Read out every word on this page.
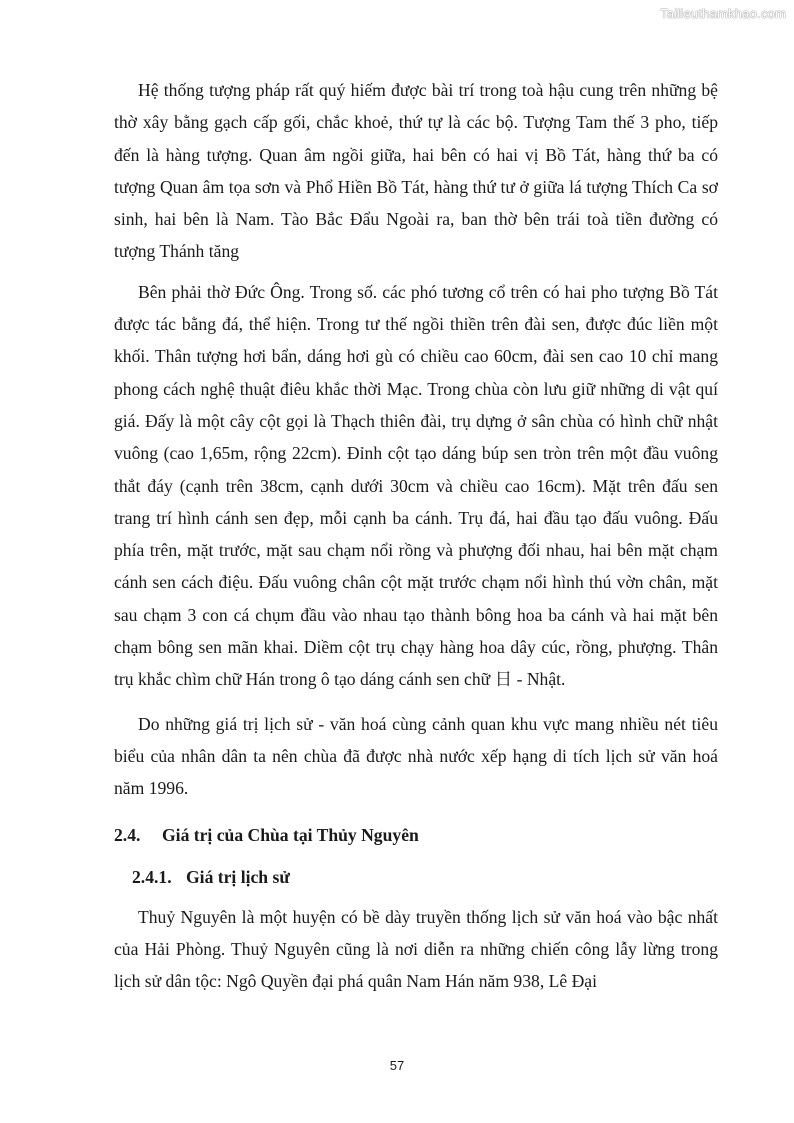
Tailieuthamkhao.com

Hệ thống tượng pháp rất quý hiếm được bài trí trong toà hậu cung trên những bệ thờ xây bằng gạch cấp gối, chắc khoẻ, thứ tự là các bộ. Tượng Tam thế 3 pho, tiếp đến là hàng tượng. Quan âm ngồi giữa, hai bên có hai vị Bồ Tát, hàng thứ ba có tượng Quan âm tọa sơn và Phổ Hiền Bồ Tát, hàng thứ tư ở giữa lá tượng Thích Ca sơ sinh, hai bên là Nam. Tào Bắc Đẩu Ngoài ra, ban thờ bên trái toà tiền đường có tượng Thánh tăng

Bên phải thờ Đức Ông. Trong số. các phó tương cổ trên có hai pho tượng Bồ Tát được tác bằng đá, thể hiện. Trong tư thế ngồi thiền trên đài sen, được đúc liền một khối. Thân tượng hơi bẩn, dáng hơi gù có chiều cao 60cm, đài sen cao 10 chỉ mang phong cách nghệ thuật điêu khắc thời Mạc. Trong chùa còn lưu giữ những di vật quí giá. Đấy là một cây cột gọi là Thạch thiên đài, trụ dựng ở sân chùa có hình chữ nhật vuông (cao 1,65m, rộng 22cm). Đỉnh cột tạo dáng búp sen tròn trên một đầu vuông thắt đáy (cạnh trên 38cm, cạnh dưới 30cm và chiều cao 16cm). Mặt trên đấu sen trang trí hình cánh sen đẹp, mỗi cạnh ba cánh. Trụ đá, hai đầu tạo đấu vuông. Đấu phía trên, mặt trước, mặt sau chạm nổi rồng và phượng đối nhau, hai bên mặt chạm cánh sen cách điệu. Đấu vuông chân cột mặt trước chạm nổi hình thú vờn chân, mặt sau chạm 3 con cá chụm đầu vào nhau tạo thành bông hoa ba cánh và hai mặt bên chạm bông sen mãn khai. Diềm cột trụ chạy hàng hoa dây cúc, rồng, phượng. Thân trụ khắc chìm chữ Hán trong ô tạo dáng cánh sen chữ 日 - Nhật.

Do những giá trị lịch sử - văn hoá cùng cảnh quan khu vực mang nhiều nét tiêu biểu của nhân dân ta nên chùa đã được nhà nước xếp hạng di tích lịch sử văn hoá năm 1996.

2.4.	Giá trị của Chùa tại Thủy Nguyên
2.4.1. Giá trị lịch sử

Thuỷ Nguyên là một huyện có bề dày truyền thống lịch sử văn hoá vào bậc nhất của Hải Phòng. Thuỷ Nguyên cũng là nơi diễn ra những chiến công lẫy lừng trong lịch sử dân tộc: Ngô Quyền đại phá quân Nam Hán năm 938, Lê Đại

57
